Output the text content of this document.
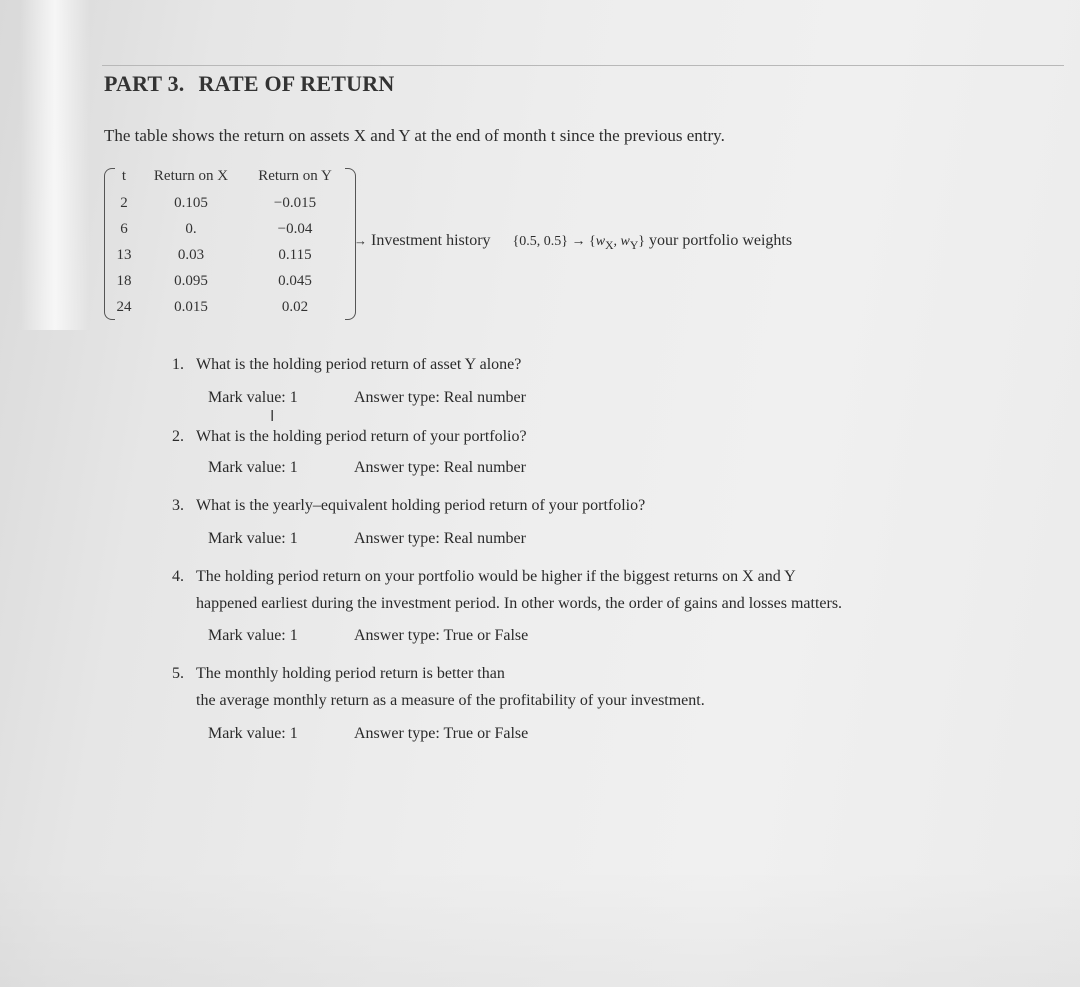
PART 3. RATE OF RETURN
The table shows the return on assets X and Y at the end of month t since the previous entry.
t	Return on X	Return on Y
2	0.105	−0.015
6	0.	−0.04
13	0.03	0.115
18	0.095	0.045
24	0.015	0.02
→ Investment history {0.5, $0.5\} \to \{w_X$, $w_Y$} your portfolio weights
1. What is the holding period return of asset Y alone?
Mark value: 1	Answer type: Real number
I
2. What is the holding period return of your portfolio?
Mark value: 1	Answer type: Real number
3. What is the yearly–equivalent holding period return of your portfolio?
Mark value: 1	Answer type: Real number
4. The holding period return on your portfolio would be higher if the biggest returns on X and Y
happened earliest during the investment period. In other words, the order of gains and losses matters.
Mark value: 1	Answer type: True or False
5. The monthly holding period return is better than
the average monthly return as a measure of the profitability of your investment.
Mark value: 1	Answer type: True or False
